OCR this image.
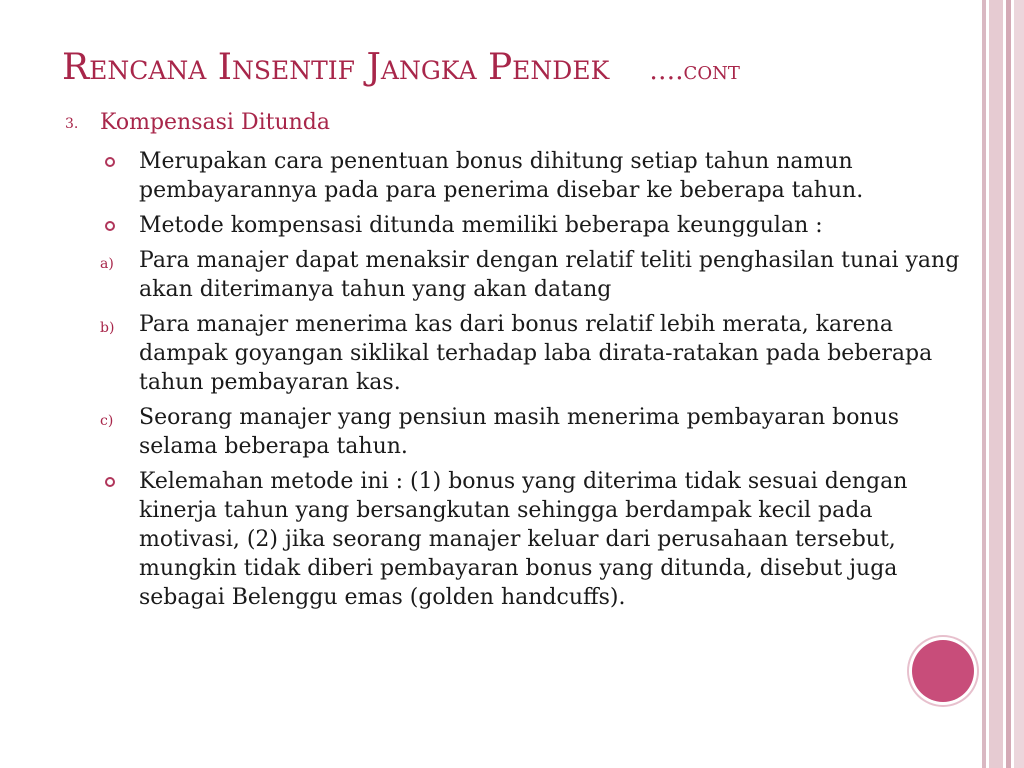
Rencana Insentif Jangka Pendek ….cont
3. Kompensasi Ditunda
Merupakan cara penentuan bonus dihitung setiap tahun namun pembayarannya pada para penerima disebar ke beberapa tahun.
Metode kompensasi ditunda memiliki beberapa keunggulan :
a) Para manajer dapat menaksir dengan relatif teliti penghasilan tunai yang akan diterimanya tahun yang akan datang
b) Para manajer menerima kas dari bonus relatif lebih merata, karena dampak goyangan siklikal terhadap laba dirata-ratakan pada beberapa tahun pembayaran kas.
c) Seorang manajer yang pensiun masih menerima pembayaran bonus selama beberapa tahun.
Kelemahan metode ini : (1) bonus yang diterima tidak sesuai dengan kinerja tahun yang bersangkutan sehingga berdampak kecil pada motivasi, (2) jika seorang manajer keluar dari perusahaan tersebut, mungkin tidak diberi pembayaran bonus yang ditunda, disebut juga sebagai Belenggu emas (golden handcuffs).
